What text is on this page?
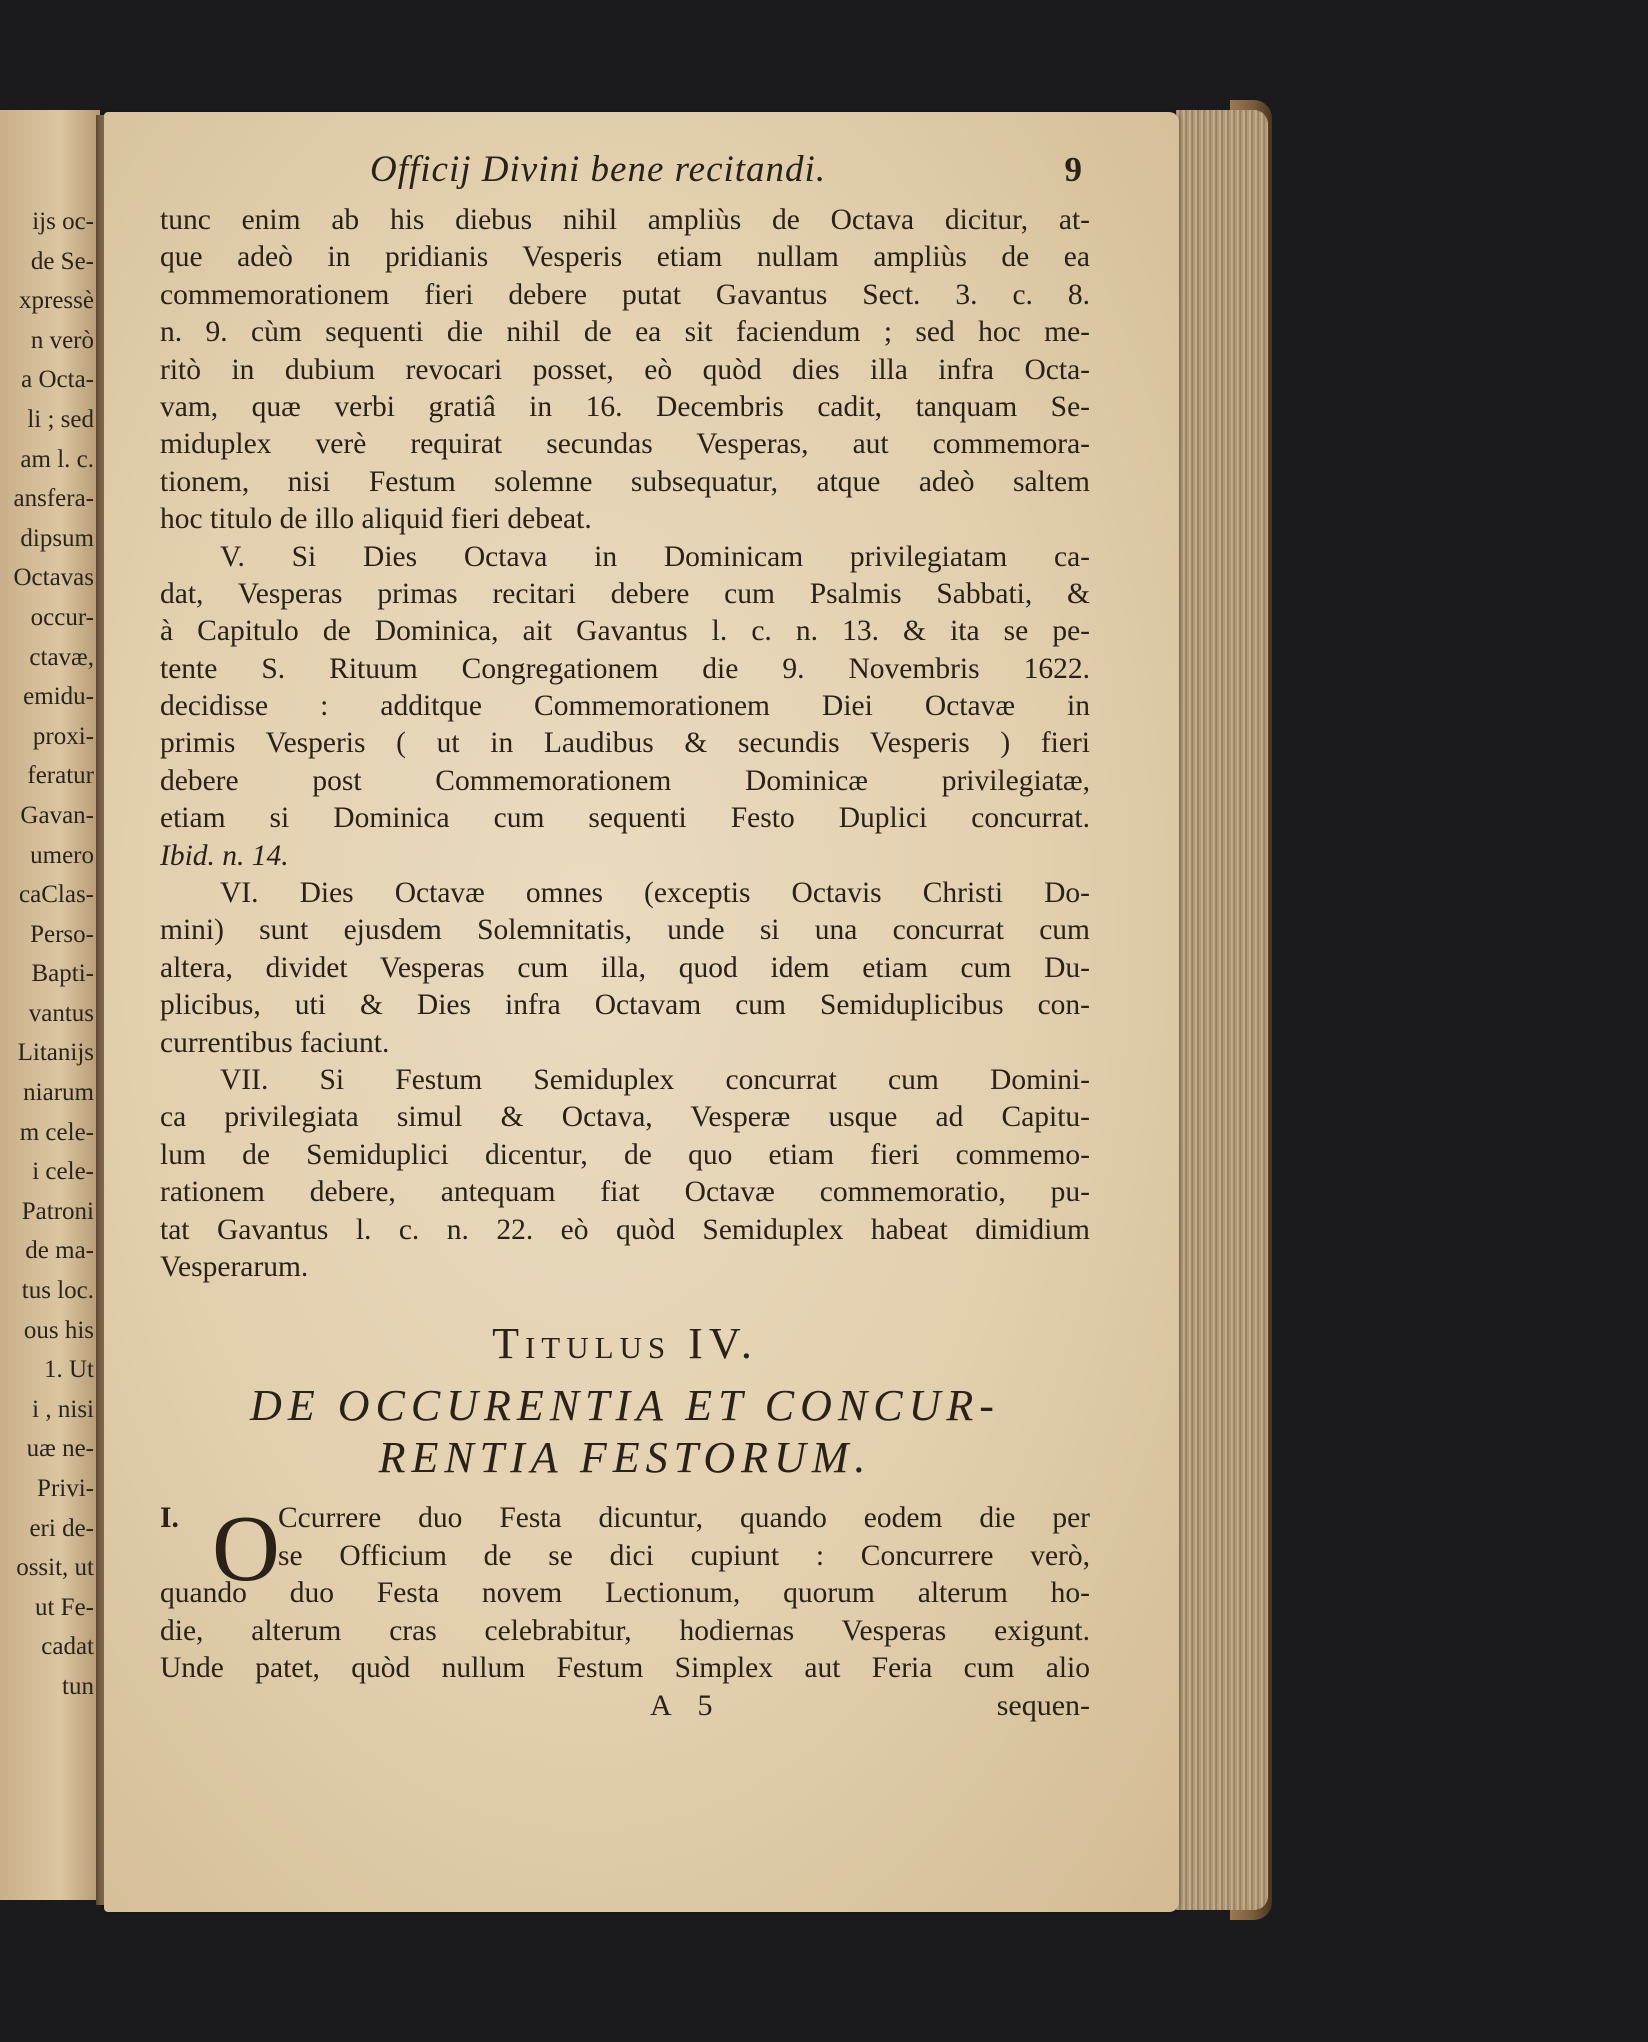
ijs oc-
de Se-
xpressè
n verò
a Octa-
li ; sed
am l. c.
ansfera-
dipsum
Octavas
occur-
ctavæ,
emidu-
proxi-
feratur
Gavan-
umero
caClas-
Perso-
Bapti-
vantus
Litanijs
niarum
m cele-
i cele-
Patroni
de ma-
tus loc.
ous his
1. Ut
i , nisi
uæ ne-
Privi-
eri de-
ossit, ut
ut Fe-
cadat
tun
Officij Divini bene recitandi.	9
tunc enim ab his diebus nihil ampliùs de Octava dicitur, at-
que adeò in pridianis Vesperis etiam nullam ampliùs de ea
commemorationem fieri debere putat Gavantus Sect. 3. c. 8.
n. 9. cùm sequenti die nihil de ea sit faciendum ; sed hoc me-
ritò in dubium revocari posset, eò quòd dies illa infra Octa-
vam, quæ verbi gratiâ in 16. Decembris cadit, tanquam Se-
miduplex verè requirat secundas Vesperas, aut commemora-
tionem, nisi Festum solemne subsequatur, atque adeò saltem
hoc titulo de illo aliquid fieri debeat.
V. Si Dies Octava in Dominicam privilegiatam ca-
dat, Vesperas primas recitari debere cum Psalmis Sabbati, &
à Capitulo de Dominica, ait Gavantus l. c. n. 13. & ita se pe-
tente S. Rituum Congregationem die 9. Novembris 1622.
decidisse : additque Commemorationem Diei Octavæ in
primis Vesperis ( ut in Laudibus & secundis Vesperis ) fieri
debere post Commemorationem Dominicæ privilegiatæ,
etiam si Dominica cum sequenti Festo Duplici concurrat.
Ibid. n. 14.
VI. Dies Octavæ omnes (exceptis Octavis Christi Do-
mini) sunt ejusdem Solemnitatis, unde si una concurrat cum
altera, dividet Vesperas cum illa, quod idem etiam cum Du-
plicibus, uti & Dies infra Octavam cum Semiduplicibus con-
currentibus faciunt.
VII. Si Festum Semiduplex concurrat cum Domini-
ca privilegiata simul & Octava, Vesperæ usque ad Capitu-
lum de Semiduplici dicentur, de quo etiam fieri commemo-
rationem debere, antequam fiat Octavæ commemoratio, pu-
tat Gavantus l. c. n. 22. eò quòd Semiduplex habeat dimidium
Vesperarum.
Titulus IV.
DE OCCURENTIA ET CONCUR-
RENTIA FESTORUM.
I. O
Ccurrere duo Festa dicuntur, quando eodem die per
se Officium de se dici cupiunt : Concurrere verò,
quando duo Festa novem Lectionum, quorum alterum ho-
die, alterum cras celebrabitur, hodiernas Vesperas exigunt.
Unde patet, quòd nullum Festum Simplex aut Feria cum alio
A 5	sequen-
